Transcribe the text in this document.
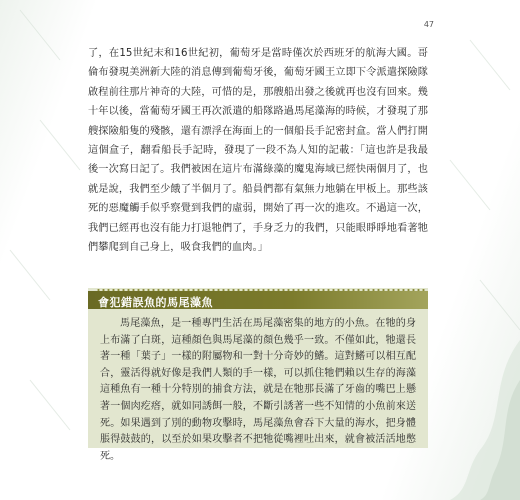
47

了，在15世紀末和16世紀初，葡萄牙是當時僅次於西班牙的航海大國。哥倫布發現美洲新大陸的消息傳到葡萄牙後，葡萄牙國王立即下令派遣探險隊啟程前往那片神奇的大陸，可惜的是，那艘船出發之後就再也沒有回來。幾十年以後，當葡萄牙國王再次派遣的船隊路過馬尾藻海的時候，才發現了那艘探險船隻的殘骸，還有漂浮在海面上的一個船長手記密封盒。當人們打開這個盒子，翻看船長手記時，發現了一段不為人知的記載：「這也許是我最後一次寫日記了。我們被困在這片布滿綠藻的魔鬼海域已經快兩個月了，也就是說，我們至少餓了半個月了。船員們都有氣無力地躺在甲板上。那些該死的惡魔觸手似乎察覺到我們的虛弱，開始了再一次的進攻。不過這一次，我們已經再也沒有能力打退牠們了，手身乏力的我們，只能眼睜睜地看著牠們攀爬到自己身上，吸食我們的血肉。」

會犯錯誤魚的馬尾藻魚

馬尾藻魚，是一種專門生活在馬尾藻密集的地方的小魚。在牠的身上布滿了白斑，這種顏色與馬尾藻的顏色幾乎一致。不僅如此，牠還長著一種「葉子」一樣的附屬物和一對十分奇妙的鰭。這對鰭可以相互配合，靈活得就好像是我們人類的手一樣，可以抓住牠們賴以生存的海藻這種魚有一種十分特別的捕食方法，就是在牠那長滿了牙齒的嘴巴上懸著一個肉疙瘩，就如同誘餌一般，不斷引誘著一些不知情的小魚前來送死。如果遇到了別的動物攻擊時，馬尾藻魚會吞下大量的海水，把身體脹得鼓鼓的，以至於如果攻擊者不把牠從嘴裡吐出來，就會被活活地憋死。
